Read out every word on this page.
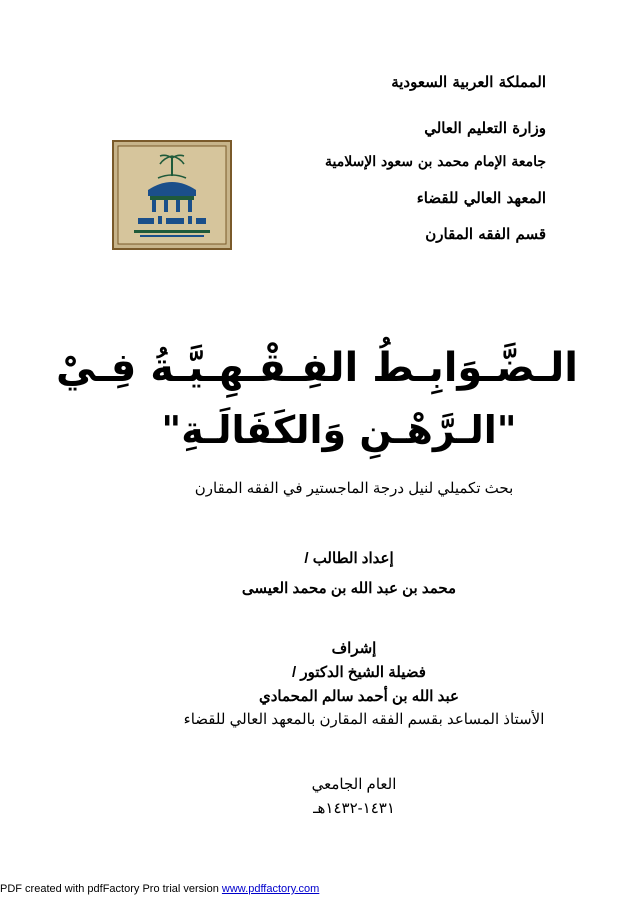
المملكة العربية السعودية
وزارة التعليم العالي
جامعة الإمام محمد بن سعود الإسلامية
المعهد العالي للقضاء
قسم الفقه المقارن
الـضَّـوَابِـطُ الفِـقْـهِـيَّـةُ فِـيْ
"الـرَّهْـنِ وَالكَفَالَـةِ"
بحث تكميلي لنيل درجة الماجستير في الفقه المقارن
إعداد الطالب /
محمد بن عبد الله بن محمد العيسى
إشراف
فضيلة الشيخ الدكتور /
عبد الله بن أحمد سالم المحمادي
الأستاذ المساعد بقسم الفقه المقارن بالمعهد العالي للقضاء
العام الجامعي
١٤٣١-١٤٣٢هـ
PDF created with pdfFactory Pro trial version www.pdffactory.com
